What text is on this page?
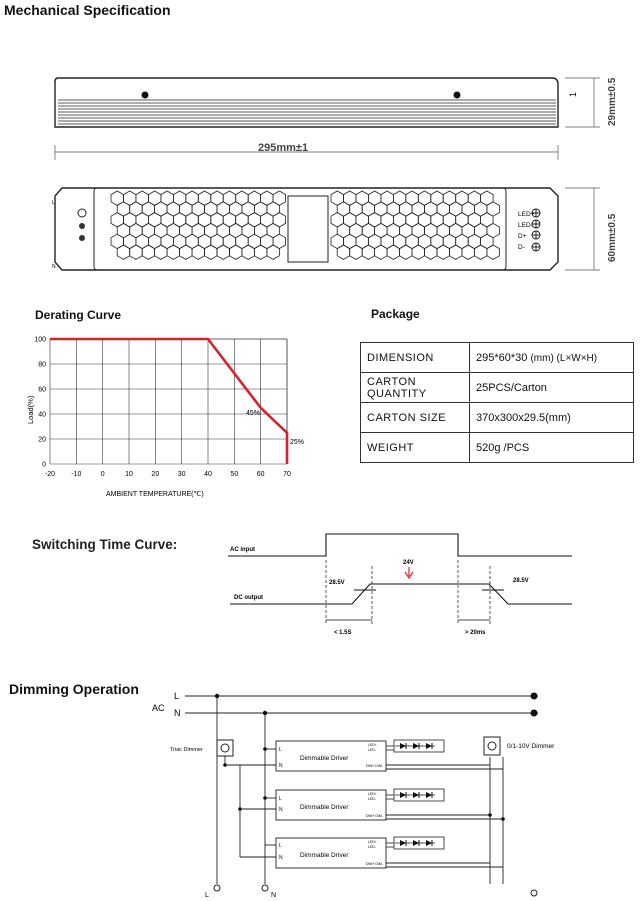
Mechanical Specification
Derating Curve	Package
Switching Time Curve:
Dimming Operation
1	29mm±0.5
295mm±1
L
N
LED+
LED-
D+
D-	60mm±0.5
-20 -10	0	10	20	30	40	50	60	70
0
20
40
60
80
100
45%
25%
Load(%)
AMBIENT TEMPERATURE(℃)
DIMENSION	295*60*30 (mm) (L×W×H)
CARTON QUANTITY	25PCS/Carton
CARTON SIZE	370x300x29.5(mm)
WEIGHT	520g /PCS
AC input
DC output
24V
28.5V	28.5V
< 1.5S	> 20ms
L
AC N
L	N
Triac Dimmer	0/1-10V Dimmer
Dimmable Driver
Dimmable Driver
Dimmable Driver
L
N
L
N
L
N
LED+
LED-
DIM+ DIM-
LED+
LED-
DIM+ DIM-
LED+
LED-
DIM+ DIM-
